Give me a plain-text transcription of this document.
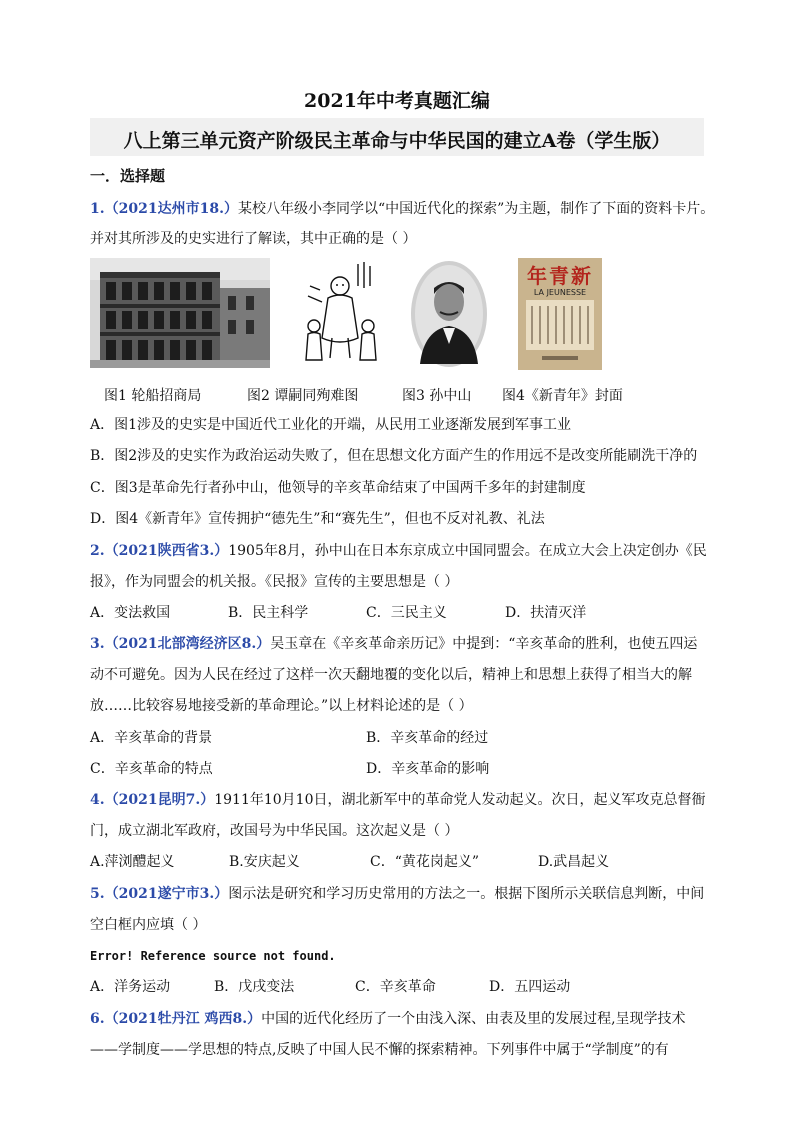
2021年中考真题汇编
八上第三单元资产阶级民主革命与中华民国的建立A卷（学生版）
一．选择题
1.（2021达州市18.）某校八年级小李同学以“中国近代化的探索”为主题，制作了下面的资料卡片。
并对其所涉及的史实进行了解读，其中正确的是（ ）
年青新
LA JEUNESSE
图1 轮船招商局	图2 谭嗣同殉难图	图3 孙中山 图4《新青年》封面
A．图1涉及的史实是中国近代工业化的开端，从民用工业逐渐发展到军事工业
B．图2涉及的史实作为政治运动失败了，但在思想文化方面产生的作用远不是改变所能刷洗干净的
C．图3是革命先行者孙中山，他领导的辛亥革命结束了中国两千多年的封建制度
D．图4《新青年》宣传拥护“德先生”和“赛先生”，但也不反对礼教、礼法
2.（2021陕西省3.）1905年8月，孙中山在日本东京成立中国同盟会。在成立大会上决定创办《民
报》，作为同盟会的机关报。《民报》宣传的主要思想是（ ）
A．变法救国	B．民主科学	C．三民主义	D．扶清灭洋
3.（2021北部湾经济区8.）吴玉章在《辛亥革命亲历记》中提到：“辛亥革命的胜利，也使五四运
动不可避免。因为人民在经过了这样一次天翻地覆的变化以后，精神上和思想上获得了相当大的解
放……比较容易地接受新的革命理论。”以上材料论述的是（ ）
A．辛亥革命的背景	B．辛亥革命的经过
C．辛亥革命的特点	D．辛亥革命的影响
4.（2021昆明7.）1911年10月10日，湖北新军中的革命党人发动起义。次日，起义军攻克总督衙
门，成立湖北军政府，改国号为中华民国。这次起义是（ ）
A.萍浏醴起义	B.安庆起义	C．“黄花岗起义”	D.武昌起义
5.（2021遂宁市3.）图示法是研究和学习历史常用的方法之一。根据下图所示关联信息判断，中间
空白框内应填（ ）
Error! Reference source not found.
A．洋务运动	B．戊戌变法	C．辛亥革命	D．五四运动
6.（2021牡丹江 鸡西8.）中国的近代化经历了一个由浅入深、由表及里的发展过程,呈现学技术
——学制度——学思想的特点,反映了中国人民不懈的探索精神。下列事件中属于“学制度”的有
